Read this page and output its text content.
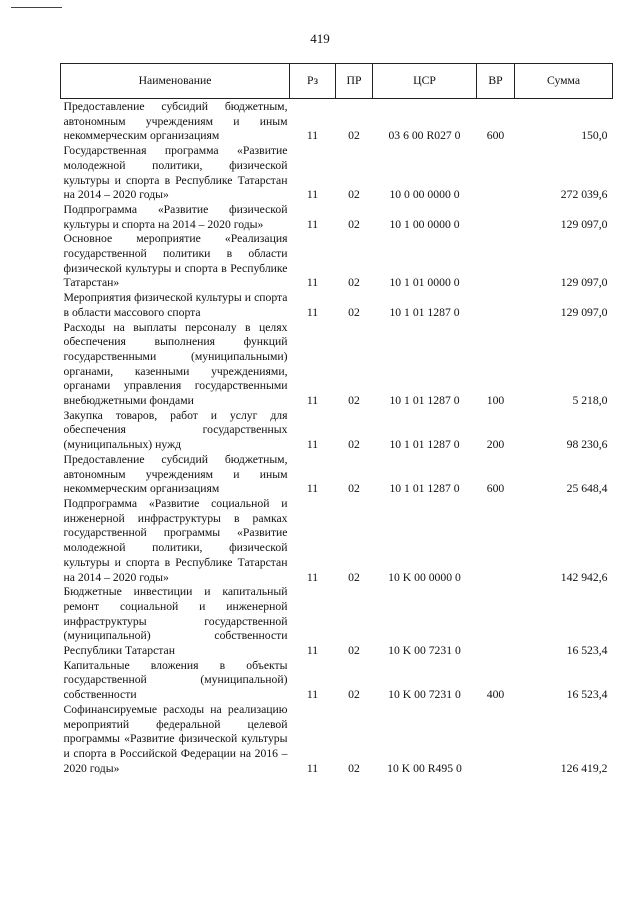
419
Наименование	Рз	ПР	ЦСР	ВР	Сумма
Предоставление субсидий бюджетным, автономным учреждениям и иным некоммерческим организациям	11	02	03 6 00 R027 0	600	150,0
Государственная программа «Развитие молодежной политики, физической культуры и спорта в Республике Татарстан на 2014 – 2020 годы»	11	02	10 0 00 0000 0		272 039,6
Подпрограмма «Развитие физической культуры и спорта на 2014 – 2020 годы»	11	02	10 1 00 0000 0		129 097,0
Основное мероприятие «Реализация государственной политики в области физической культуры и спорта в Республике Татарстан»	11	02	10 1 01 0000 0		129 097,0
Мероприятия физической культуры и спорта в области массового спорта	11	02	10 1 01 1287 0		129 097,0
Расходы на выплаты персоналу в целях обеспечения выполнения функций государственными (муниципальными) органами, казенными учреждениями, органами управления государственными внебюджетными фондами	11	02	10 1 01 1287 0	100	5 218,0
Закупка товаров, работ и услуг для обеспечения государственных (муниципальных) нужд	11	02	10 1 01 1287 0	200	98 230,6
Предоставление субсидий бюджетным, автономным учреждениям и иным некоммерческим организациям	11	02	10 1 01 1287 0	600	25 648,4
Подпрограмма «Развитие социальной и инженерной инфраструктуры в рамках государственной программы «Развитие молодежной политики, физической культуры и спорта в Республике Татарстан на 2014 – 2020 годы»	11	02	10 K 00 0000 0		142 942,6
Бюджетные инвестиции и капитальный ремонт социальной и инженерной инфраструктуры государственной (муниципальной) собственности Республики Татарстан	11	02	10 K 00 7231 0		16 523,4
Капитальные вложения в объекты государственной (муниципальной) собственности	11	02	10 K 00 7231 0	400	16 523,4
Софинансируемые расходы на реализацию мероприятий федеральной целевой программы «Развитие физической культуры и спорта в Российской Федерации на 2016 – 2020 годы»	11	02	10 K 00 R495 0		126 419,2
